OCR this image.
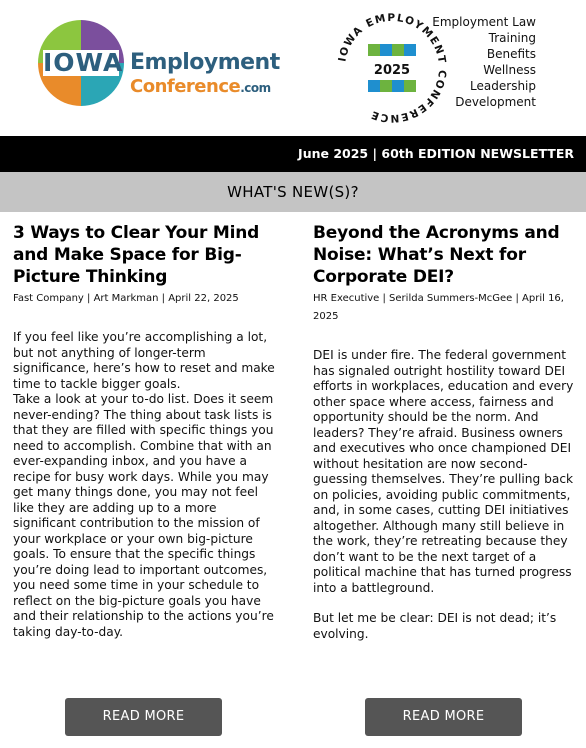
IOWA Employment
Conference.com
IOWA EMPLOYMENT CONFERENCE
2025
Employment Law
Training
Benefits
Wellness
Leadership
Development
June 2025 | 60th EDITION NEWSLETTER
WHAT'S NEW(S)?
3 Ways to Clear Your Mind and Make Space for Big-Picture Thinking
Fast Company | Art Markman | April 22, 2025

If you feel like you’re accomplishing a lot, but not anything of longer-term significance, here’s how to reset and make time to tackle bigger goals.

Take a look at your to-do list. Does it seem never-ending? The thing about task lists is that they are filled with specific things you need to accomplish. Combine that with an ever-expanding inbox, and you have a recipe for busy work days. While you may get many things done, you may not feel like they are adding up to a more significant contribution to the mission of your workplace or your own big-picture goals. To ensure that the specific things you’re doing lead to important outcomes, you need some time in your schedule to reflect on the big-picture goals you have and their relationship to the actions you’re taking day-to-day.

Beyond the Acronyms and Noise: What’s Next for Corporate DEI?
HR Executive | Serilda Summers-McGee | April 16, 2025

DEI is under fire. The federal government has signaled outright hostility toward DEI efforts in workplaces, education and every other space where access, fairness and opportunity should be the norm. And leaders? They’re afraid. Business owners and executives who once championed DEI without hesitation are now second-guessing themselves. They’re pulling back on policies, avoiding public commitments, and, in some cases, cutting DEI initiatives altogether. Although many still believe in the work, they’re retreating because they don’t want to be the next target of a political machine that has turned progress into a battleground.

But let me be clear: DEI is not dead; it’s evolving.

READ MORE	READ MORE
